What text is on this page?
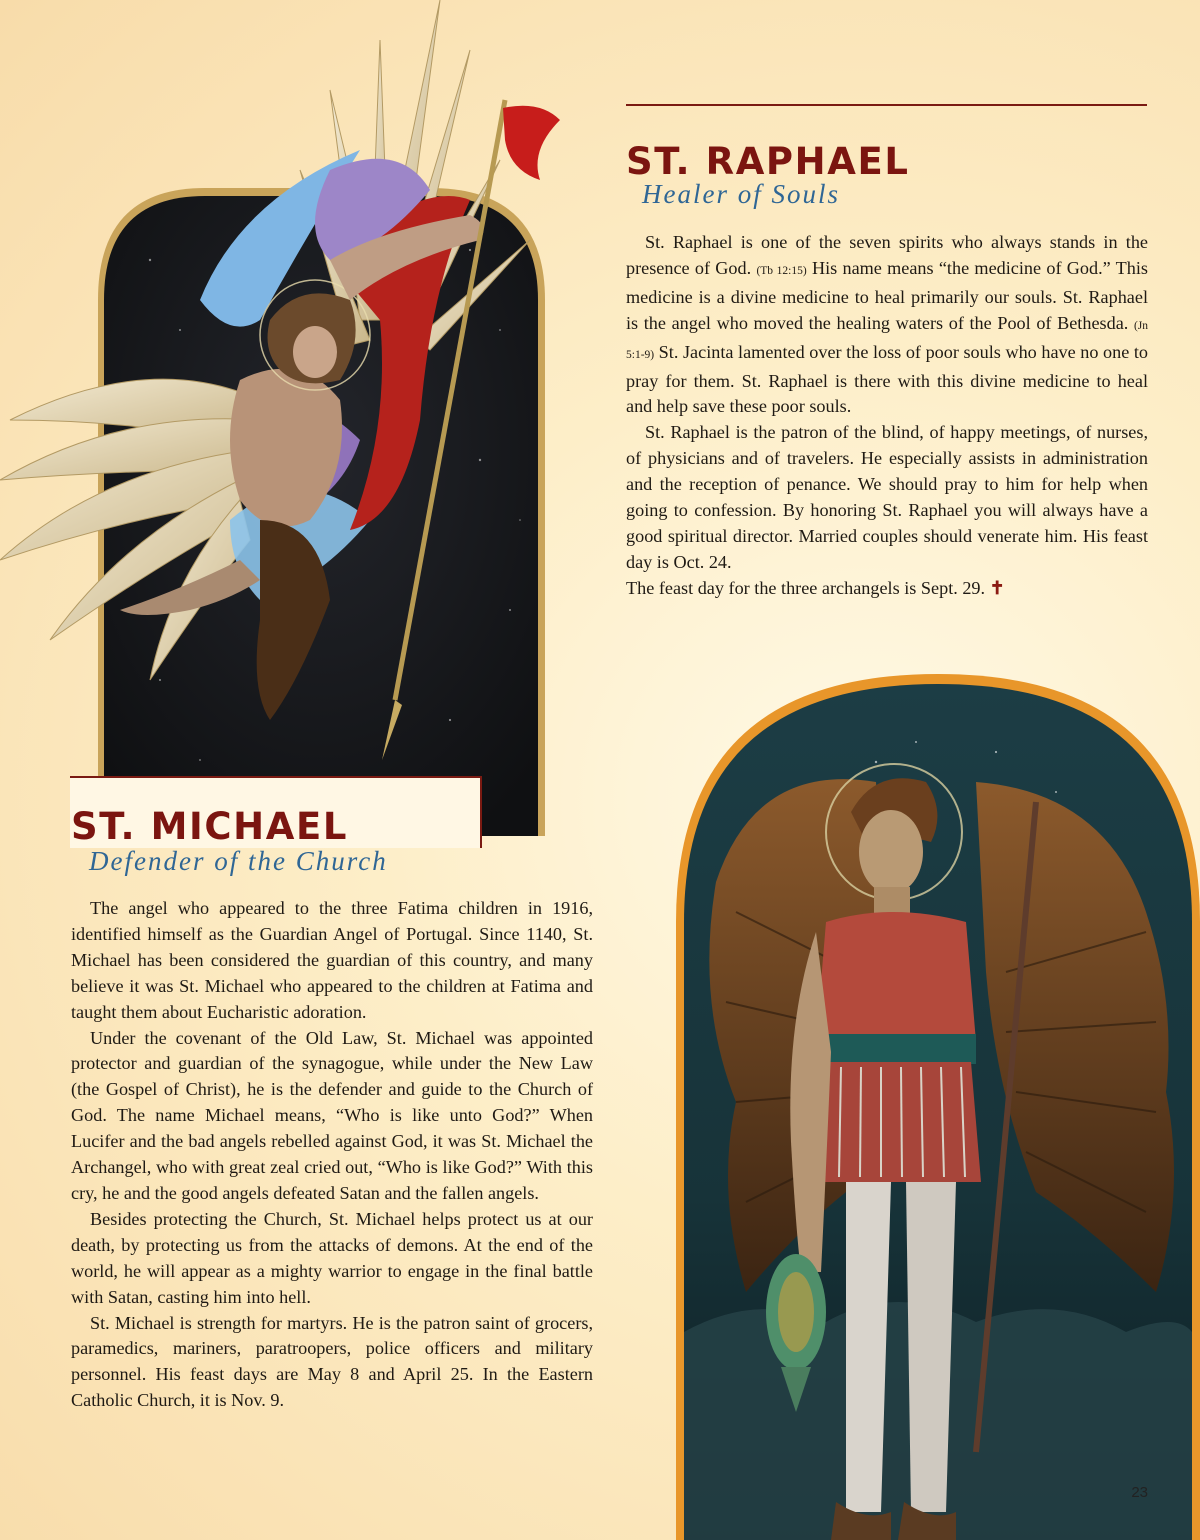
ST. RAPHAEL
Healer of Souls

St. Raphael is one of the seven spirits who always stands in the presence of God. (Tb 12:15) His name means “the medicine of God.” This medicine is a divine medicine to heal primarily our souls. St. Raphael is the angel who moved the healing waters of the Pool of Bethesda. (Jn 5:1-9) St. Jacinta lamented over the loss of poor souls who have no one to pray for them. St. Raphael is there with this divine medicine to heal and help save these poor souls.

St. Raphael is the patron of the blind, of happy meetings, of nurses, of physicians and of travelers. He especially assists in administration and the reception of penance. We should pray to him for help when going to confession. By honoring St. Raphael you will always have a good spiritual director. Married couples should venerate him. His feast day is Oct. 24.

The feast day for the three archangels is Sept. 29. ✝

ST. MICHAEL
Defender of the Church

The angel who appeared to the three Fatima children in 1916, identified himself as the Guardian Angel of Portugal. Since 1140, St. Michael has been considered the guardian of this country, and many believe it was St. Michael who appeared to the children at Fatima and taught them about Eucharistic adoration.

Under the covenant of the Old Law, St. Michael was appointed protector and guardian of the synagogue, while under the New Law (the Gospel of Christ), he is the defender and guide to the Church of God. The name Michael means, “Who is like unto God?” When Lucifer and the bad angels rebelled against God, it was St. Michael the Archangel, who with great zeal cried out, “Who is like God?” With this cry, he and the good angels defeated Satan and the fallen angels.

Besides protecting the Church, St. Michael helps protect us at our death, by protecting us from the attacks of demons. At the end of the world, he will appear as a mighty warrior to engage in the final battle with Satan, casting him into hell.

St. Michael is strength for martyrs. He is the patron saint of grocers, paramedics, mariners, paratroopers, police officers and military personnel. His feast days are May 8 and April 25. In the Eastern Catholic Church, it is Nov. 9.

23
